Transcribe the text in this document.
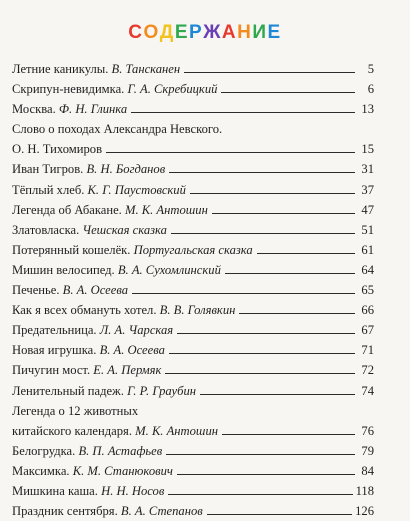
СОДЕРЖАНИЕ
Летние каникулы. В. Тансканен	5
Скрипун-невидимка. Г. А. Скребицкий	6
Москва. Ф. Н. Глинка	13
Слово о походах Александра Невского.
О. Н. Тихомиров	15
Иван Тигров. В. Н. Богданов	31
Тёплый хлеб. К. Г. Паустовский	37
Легенда об Абакане. М. К. Антошин	47
Златовласка. Чешская сказка	51
Потерянный кошелёк. Португальская сказка	61
Мишин велосипед. В. А. Сухомлинский	64
Печенье. В. А. Осеева	65
Как я всех обмануть хотел. В. В. Голявкин	66
Предательница. Л. А. Чарская	67
Новая игрушка. В. А. Осеева	71
Пичугин мост. Е. А. Пермяк	72
Ленительный падеж. Г. Р. Граубин	74
Легенда о 12 животных
китайского календаря. М. К. Антошин	76
Белогрудка. В. П. Астафьев	79
Максимка. К. М. Станюкович	84
Мишкина каша. Н. Н. Носов	118
Праздник сентября. В. А. Степанов	126
